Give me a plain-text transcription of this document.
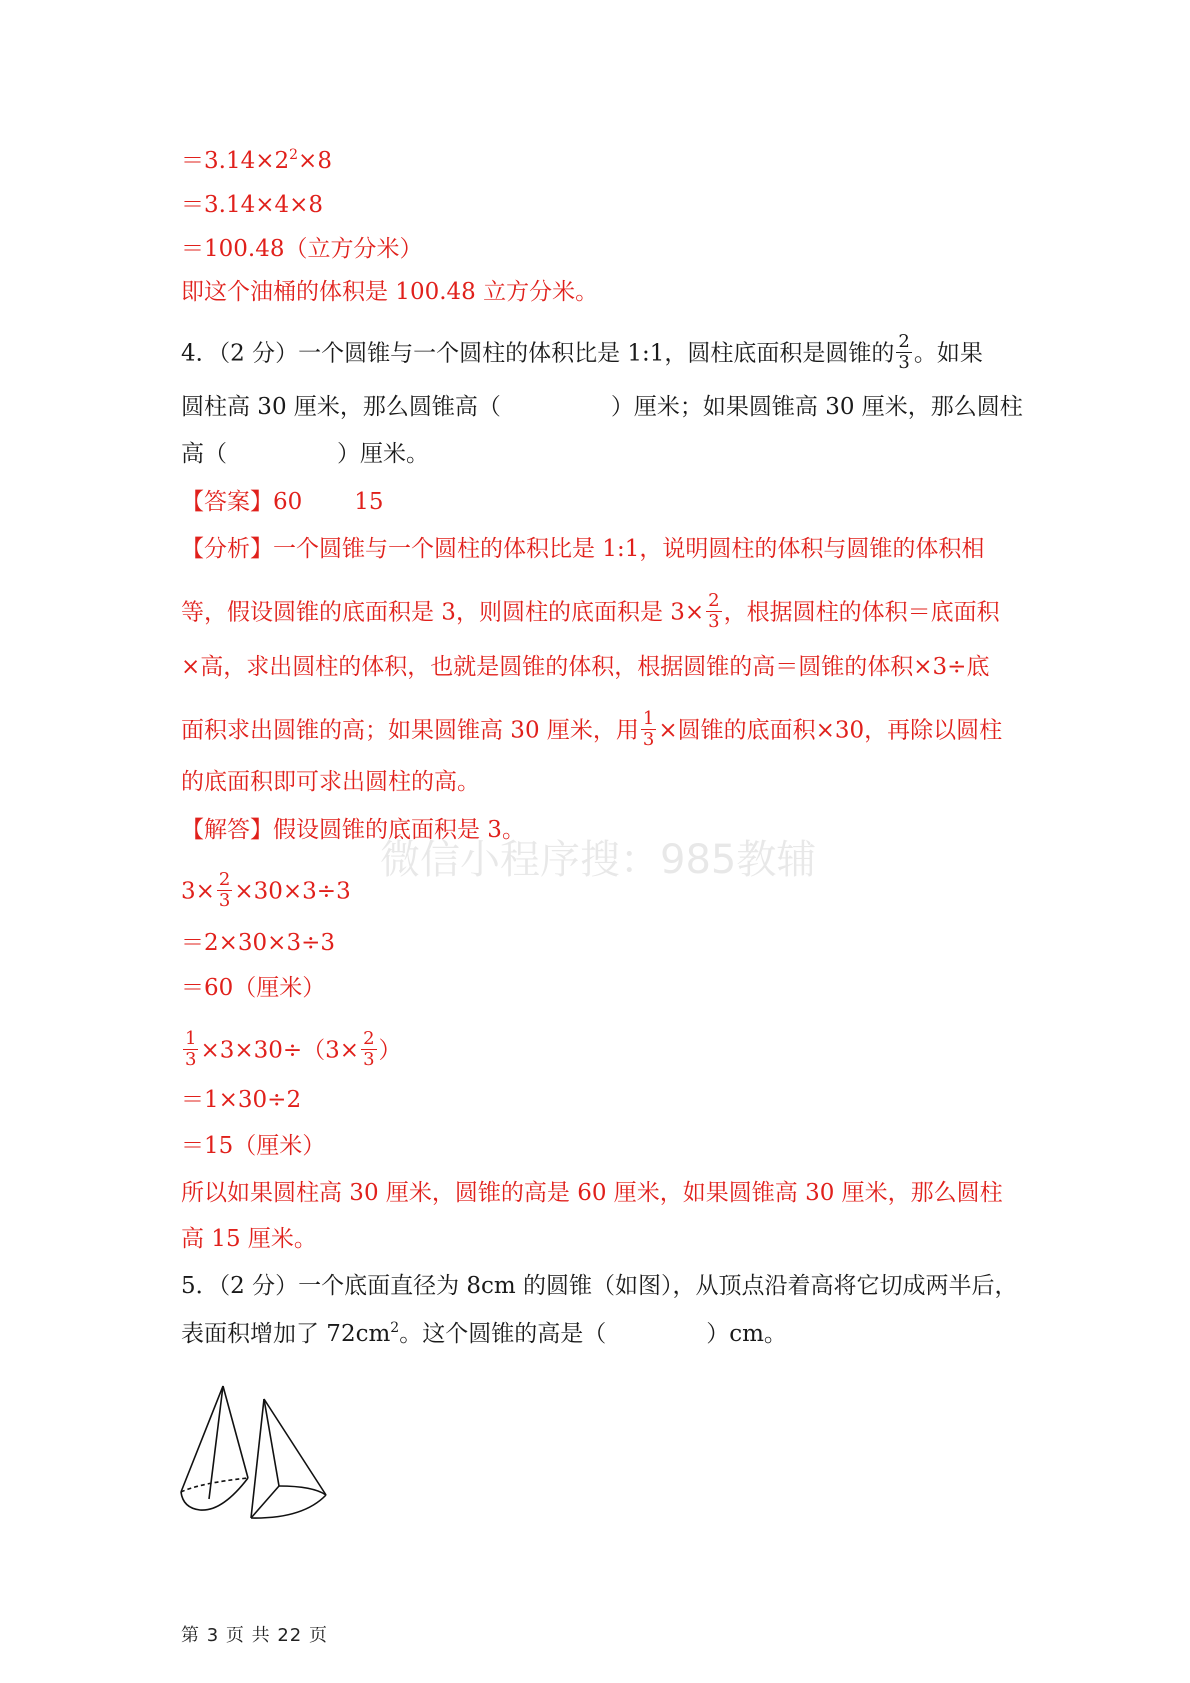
微信小程序搜：985教辅
$=3.14\times 2^2\times 8$
＝3.14×4×8
＝100.48（立方分米）
即这个油桶的体积是 100.48 立方分米。
4．（2 分）一个圆锥与一个圆柱的体积比是 1:1，圆柱底面积是圆锥的 $\frac{2}{3}$ 。如果
圆柱高 30 厘米，那么圆锥高（	）厘米；如果圆锥高 30 厘米，那么圆柱
高（	）厘米。
【答案】60 15
【分析】一个圆锥与一个圆柱的体积比是 1:1，说明圆柱的体积与圆锥的体积相
等，假设圆锥的底面积是 3，则圆柱的底面积是 $3\times \frac{2}{3}$ ，根据圆柱的体积＝底面积
×高，求出圆柱的体积，也就是圆锥的体积，根据圆锥的高＝圆锥的体积×3÷底
面积求出圆锥的高；如果圆锥高 30 厘米，用 $\frac{1}{3}$ ×圆锥的底面积×30，再除以圆柱
的底面积即可求出圆柱的高。
【解答】假设圆锥的底面积是 3。
$3\times \frac{2}{3} \times 30\times 3\div 3$
＝2×30×3÷3
＝60（厘米）
$\frac{1}{3} \times 3\times 30\div(3\times \frac{2}{3}$ ）
＝1×30÷2
＝15（厘米）
所以如果圆柱高 30 厘米，圆锥的高是 60 厘米，如果圆锥高 30 厘米，那么圆柱
高 15 厘米。
5．（2 分）一个底面直径为 8cm 的圆锥（如图），从顶点沿着高将它切成两半后，
表面积增加了 $72cm^2$。这个圆锥的高是（	）cm。
第 3 页 共 22 页
